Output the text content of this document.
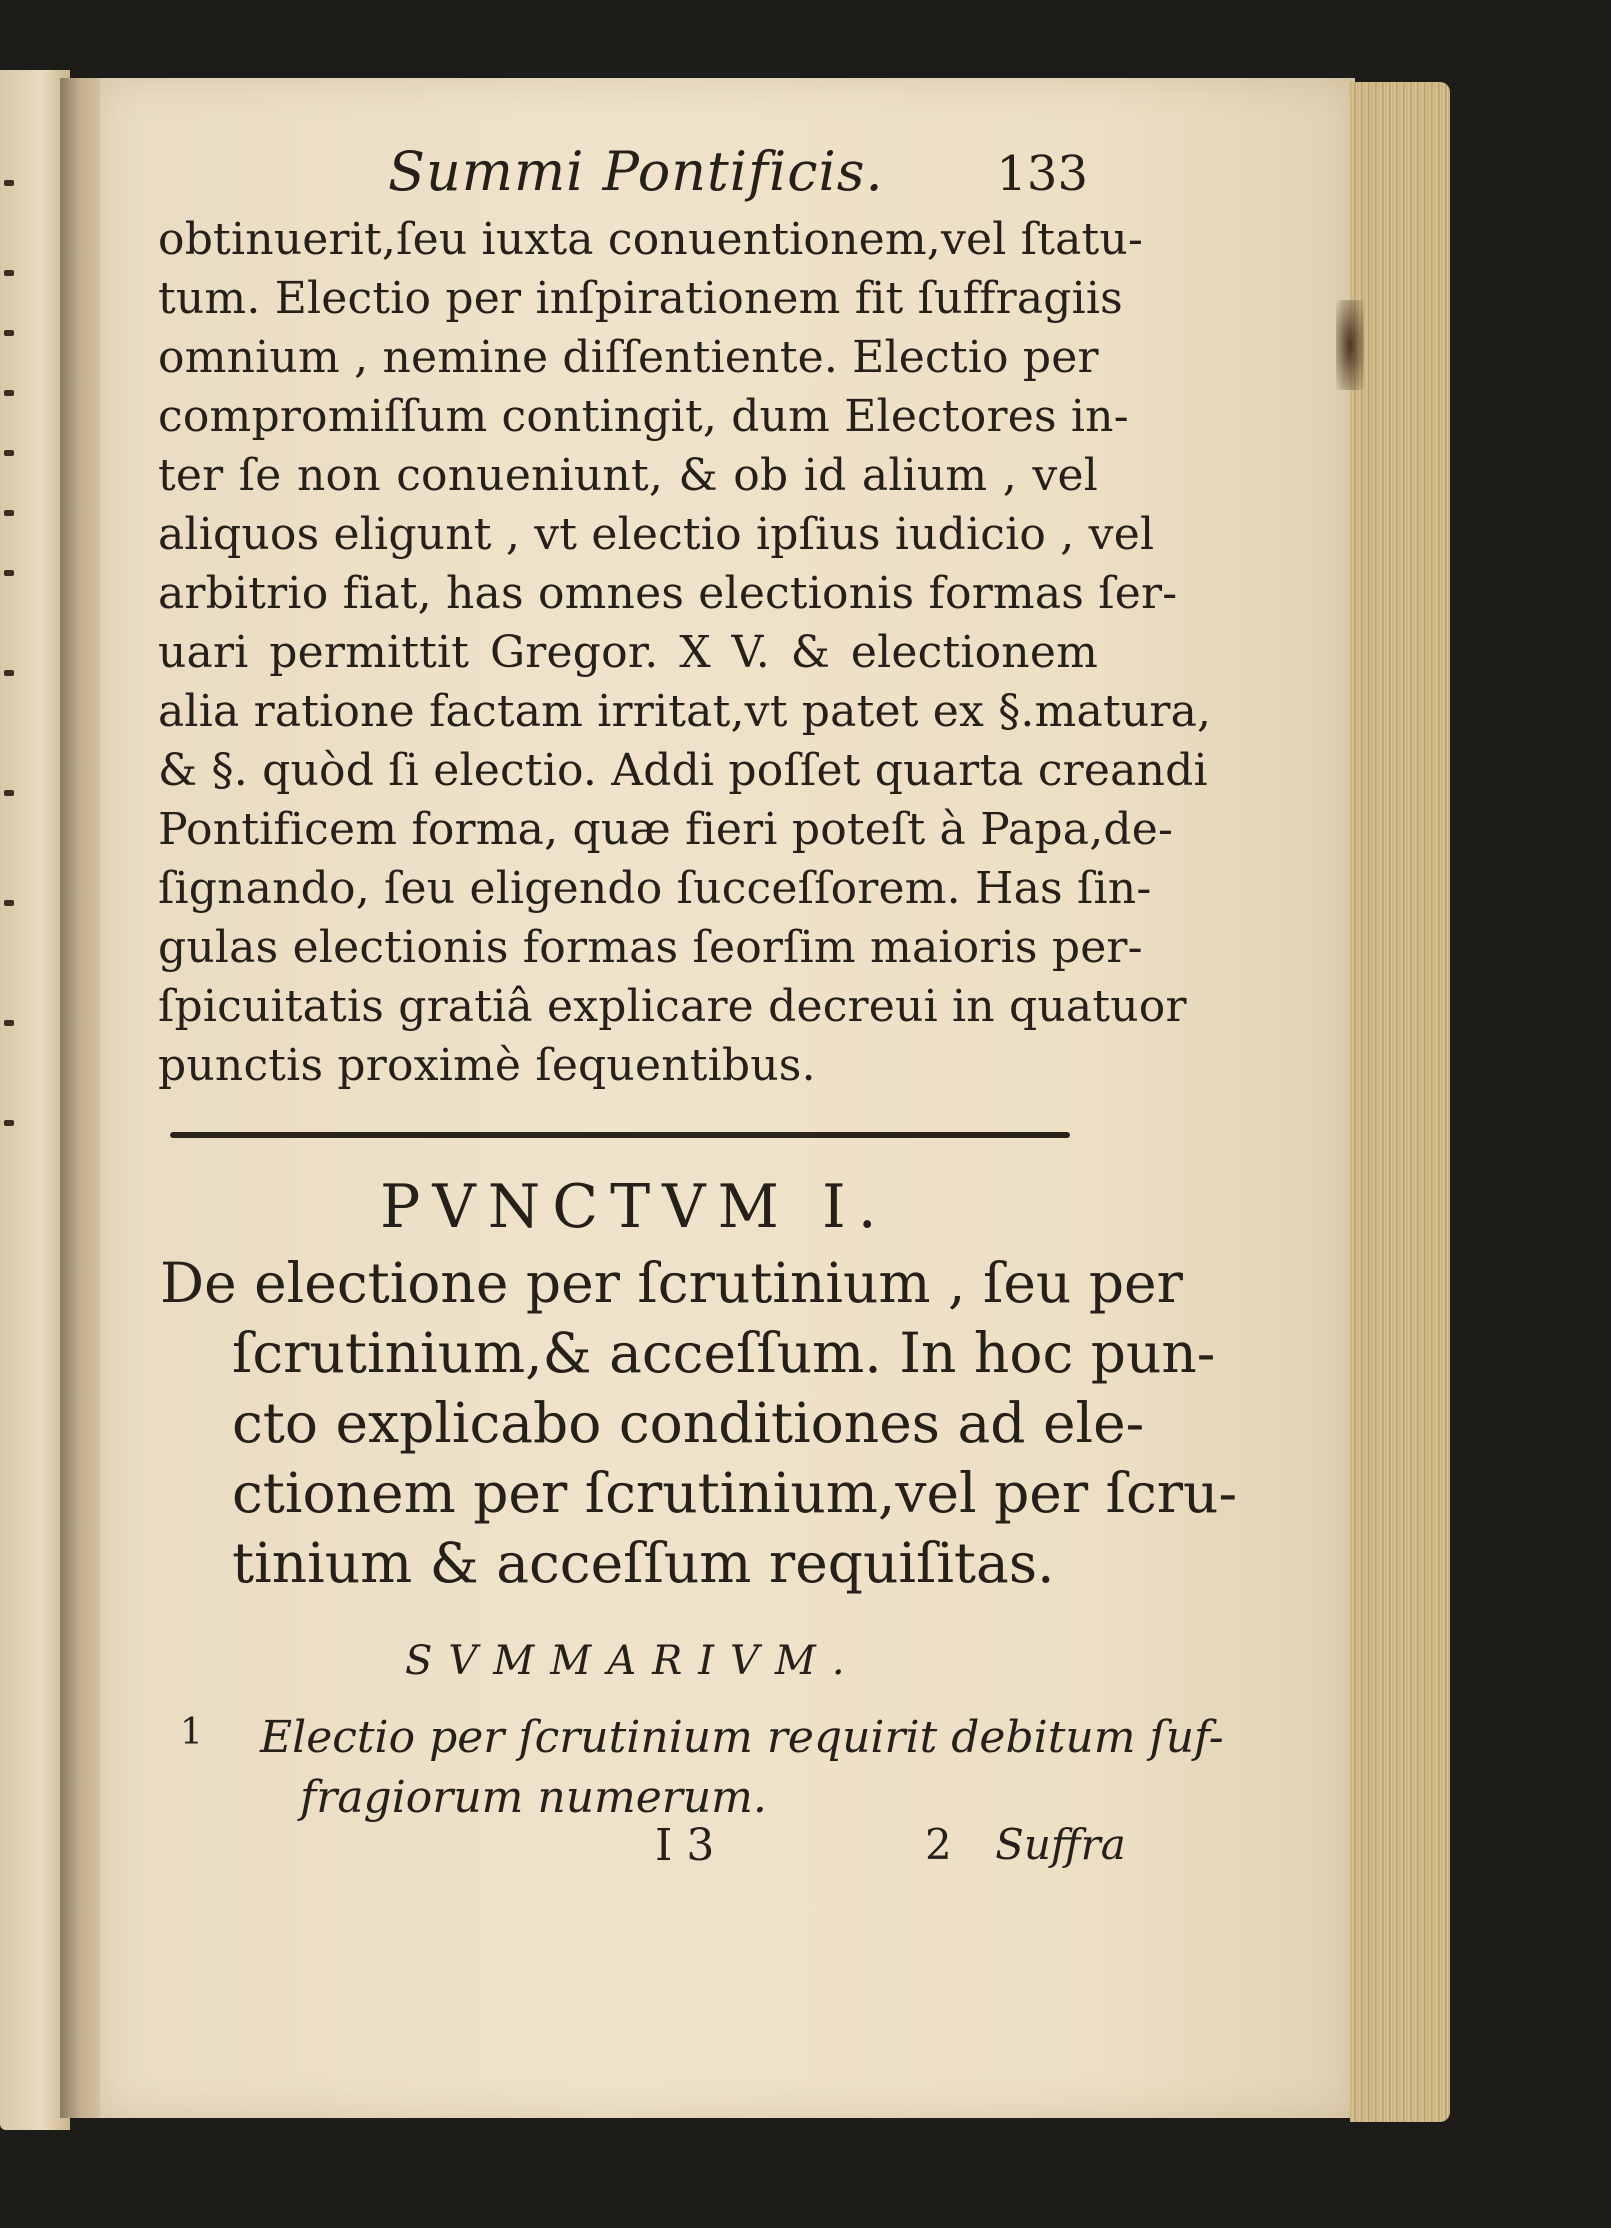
Summi Pontificis. 133
obtinuerit,ſeu iuxta conuentionem,vel ſtatu-
tum. Electio per inſpirationem fit ſuffragiis
omnium , nemine diſſentiente. Electio per
compromiſſum contingit, dum Electores in-
ter ſe non conueniunt, & ob id alium , vel
aliquos eligunt , vt electio ipſius iudicio , vel
arbitrio fiat, has omnes electionis formas ſer-
uari permittit Gregor. X V. & electionem
alia ratione factam irritat,vt patet ex §.matura,
& §. quòd ſi electio. Addi poſſet quarta creandi
Pontificem forma, quæ fieri poteſt à Papa,de-
ſignando, ſeu eligendo ſucceſſorem. Has ſin-
gulas electionis formas ſeorſim maioris per-
ſpicuitatis gratiâ explicare decreui in quatuor
punctis proximè ſequentibus.
PVNCTVM I.
De electione per ſcrutinium , ſeu per
ſcrutinium,& acceſſum. In hoc pun-
cto explicabo conditiones ad ele-
ctionem per ſcrutinium,vel per ſcru-
tinium & acceſſum requiſitas.
SVMMARIVM.
1 Electio per ſcrutinium requirit debitum ſuf-
fragiorum numerum.
I 3	2 Suffra
